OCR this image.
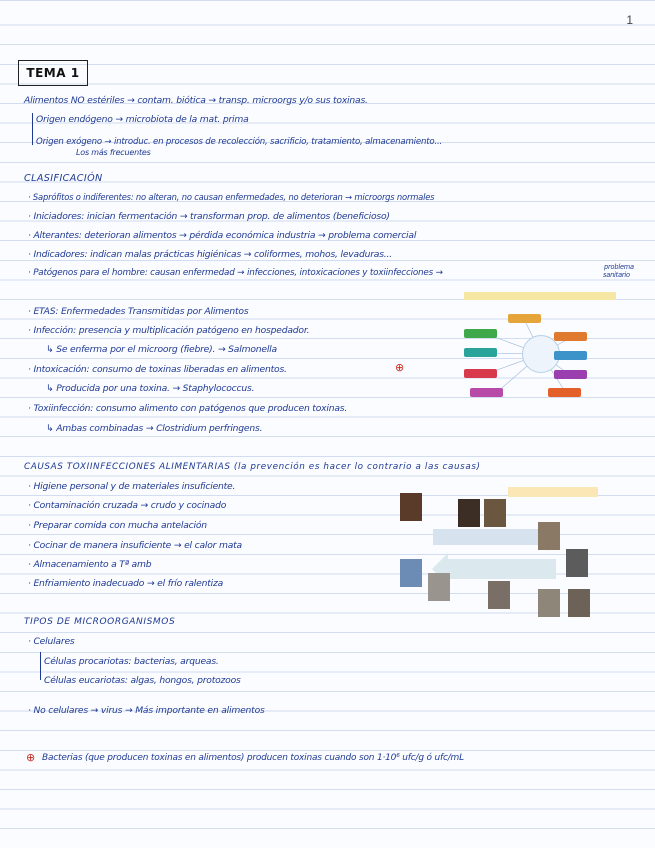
1
TEMA 1
Alimentos NO estériles → contam. biótica → transp. microorgs y/o sus toxinas.
Origen endógeno → microbiota de la mat. prima
Origen exógeno → introduc. en procesos de recolección, sacrificio, tratamiento, almacenamiento...
Los más frecuentes
CLASIFICACIÓN
· Saprófitos o indiferentes: no alteran, no causan enfermedades, no deterioran → microorgs normales
· Iniciadores: inician fermentación → transforman prop. de alimentos (beneficioso)
· Alterantes: deterioran alimentos → pérdida económica industria → problema comercial
· Indicadores: indican malas prácticas higiénicas → coliformes, mohos, levaduras...
· Patógenos para el hombre: causan enfermedad → infecciones, intoxicaciones y toxiinfecciones →
problema
sanitario
· ETAS: Enfermedades Transmitidas por Alimentos
· Infección: presencia y multiplicación patógeno en hospedador.
↳ Se enferma por el microorg (fiebre). → Salmonella
· Intoxicación: consumo de toxinas liberadas en alimentos.	⊕
↳ Producida por una toxina. → Staphylococcus.
· Toxiinfección: consumo alimento con patógenos que producen toxinas.
↳ Ambas combinadas → Clostridium perfringens.
CAUSAS TOXIINFECCIONES ALIMENTARIAS (la prevención es hacer lo contrario a las causas)
· Higiene personal y de materiales insuficiente.
· Contaminación cruzada → crudo y cocinado
· Preparar comida con mucha antelación
· Cocinar de manera insuficiente → el calor mata
· Almacenamiento a Tª amb
· Enfriamiento inadecuado → el frío ralentiza
TIPOS DE MICROORGANISMOS
· Celulares
Células procariotas: bacterias, arqueas.
Células eucariotas: algas, hongos, protozoos
· No celulares → virus → Más importante en alimentos
⊕ Bacterias (que producen toxinas en alimentos) producen toxinas cuando son 1·10⁶ ufc/g ó ufc/mL
